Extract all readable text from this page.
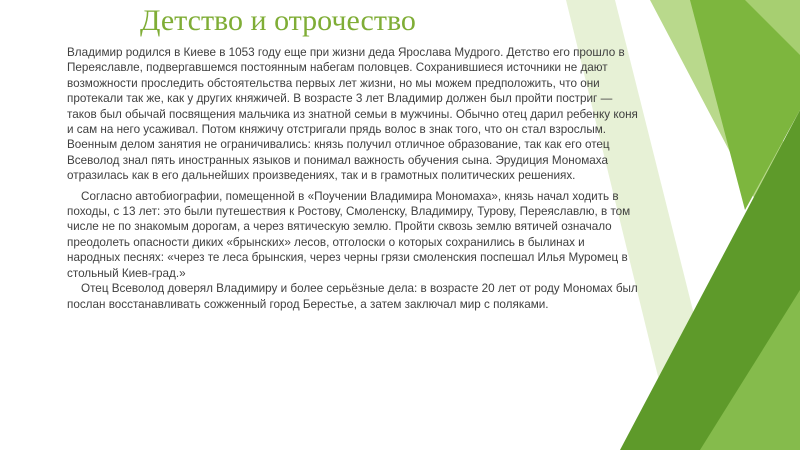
Детство и отрочество

Владимир родился в Киеве в 1053 году еще при жизни деда Ярослава Мудрого. Детство его прошло в Переяславле, подвергавшемся постоянным набегам половцев. Сохранившиеся источники не дают возможности проследить обстоятельства первых лет жизни, но мы можем предположить, что они протекали так же, как у других княжичей. В возрасте 3 лет Владимир должен был пройти постриг — таков был обычай посвящения мальчика из знатной семьи в мужчины. Обычно отец дарил ребенку коня и сам на него усаживал. Потом княжичу отстригали прядь волос в знак того, что он стал взрослым. Военным делом занятия не ограничивались: князь получил отличное образование, так как его отец Всеволод знал пять иностранных языков и понимал важность обучения сына. Эрудиция Мономаха отразилась как в его дальнейших произведениях, так и в грамотных политических решениях.

Согласно автобиографии, помещенной в «Поучении Владимира Мономаха», князь начал ходить в походы, с 13 лет: это были путешествия к Ростову, Смоленску, Владимиру, Турову, Переяславлю, в том числе не по знакомым дорогам, а через вятическую землю. Пройти сквозь землю вятичей означало преодолеть опасности диких «брынских» лесов, отголоски о которых сохранились в былинах и народных песнях: «через те леса брынския, через черны грязи смоленския поспешал Илья Муромец в стольный Киев-град.»

Отец Всеволод доверял Владимиру и более серьёзные дела: в возрасте 20 лет от роду Мономах был послан восстанавливать сожженный город Берестье, а затем заключал мир с поляками.
